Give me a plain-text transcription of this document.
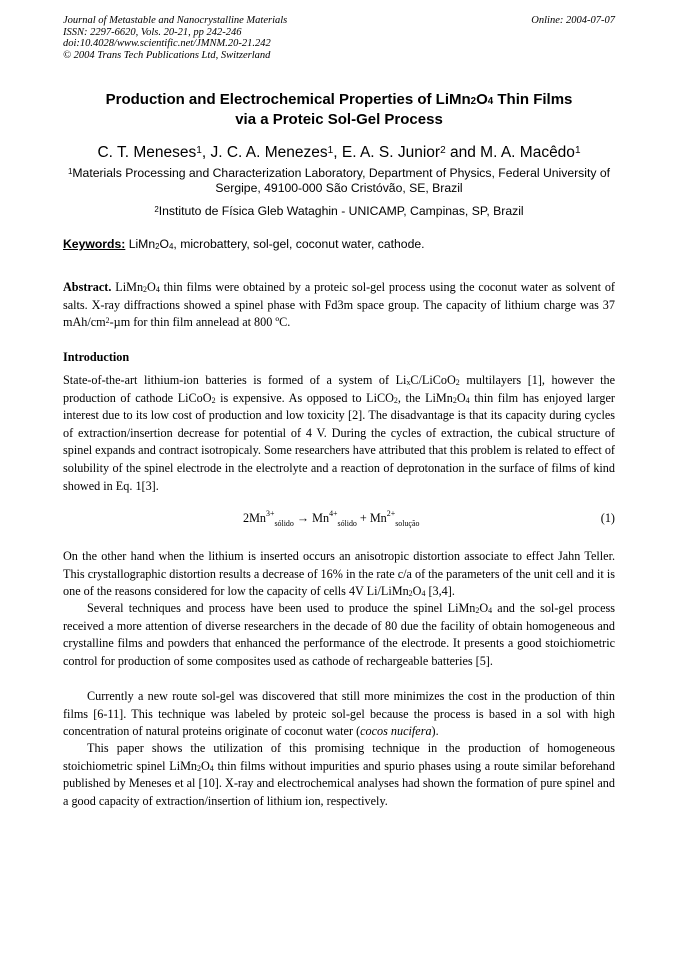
Journal of Metastable and Nanocrystalline Materials
ISSN: 2297-6620, Vols. 20-21, pp 242-246
doi:10.4028/www.scientific.net/JMNM.20-21.242
© 2004 Trans Tech Publications Ltd, Switzerland
Online: 2004-07-07
Production and Electrochemical Properties of $LiMn_2O_4$ Thin Films
via a Proteic Sol-Gel Process
C. T. Meneses$^1$, J. C. A. Menezes$^1$, E. A. S. Junior$^2$ and M. A. Macêdo$^1$
$^1$Materials Processing and Characterization Laboratory, Department of Physics, Federal University of Sergipe, 49100-000 São Cristóvão, SE, Brazil
$^2$Instituto de Física Gleb Wataghin - UNICAMP, Campinas, SP, Brazil
Keywords: $LiMn_2O_4$, microbattery, sol-gel, coconut water, cathode.
Abstract. $LiMn_2O_4$ thin films were obtained by a proteic sol-gel process using the coconut water as solvent of salts. X-ray diffractions showed a spinel phase with Fd3m space group. The capacity of lithium charge was 37 mAh/$cm^2-\mu m$ for thin film annelead at 800 ºC.
Introduction
State-of-the-art lithium-ion batteries is formed of a system of $Li_xC/LiCoO_2$ multilayers [1], however the production of cathode LiCoO$_2$ is expensive. As opposed to LiCO$_2$, the $LiMn_2O_4$ thin film has enjoyed larger interest due to its low cost of production and low toxicity [2]. The disadvantage is that its capacity during cycles of extraction/insertion decrease for potential of 4 V. During the cycles of extraction, the cubical structure of spinel expands and contract isotropicaly. Some researchers have attributed that this problem is related to effect of solubility of the spinel electrode in the electrolyte and a reaction of deprotonation in the surface of films of kind showed in Eq. 1[3].
$2Mn^{3+}_{sólido} \to Mn^{4+}_{sólido} + Mn^{2+}_{solução}$	(1)
On the other hand when the lithium is inserted occurs an anisotropic distortion associate to effect Jahn Teller. This crystallographic distortion results a decrease of 16% in the rate c/a of the parameters of the unit cell and it is one of the reasons considered for low the capacity of cells 4V $Li/LiMn_2O_4$ [3,4].
Several techniques and process have been used to produce the spinel $LiMn_2O_4$ and the sol-gel process received a more attention of diverse researchers in the decade of 80 due the facility of obtain homogeneous and crystalline films and powders that enhanced the performance of the electrode. It presents a good stoichiometric control for production of some composites used as cathode of rechargeable batteries [5].
Currently a new route sol-gel was discovered that still more minimizes the cost in the production of thin films [6-11]. This technique was labeled by proteic sol-gel because the process is based in a sol with high concentration of natural proteins originate of coconut water (cocos nucifera).
This paper shows the utilization of this promising technique in the production of homogeneous stoichiometric spinel $LiMn_2O_4$ thin films without impurities and spurio phases using a route similar beforehand published by Meneses et al [10]. X-ray and electrochemical analyses had shown the formation of pure spinel and a good capacity of extraction/insertion of lithium ion, respectively.
